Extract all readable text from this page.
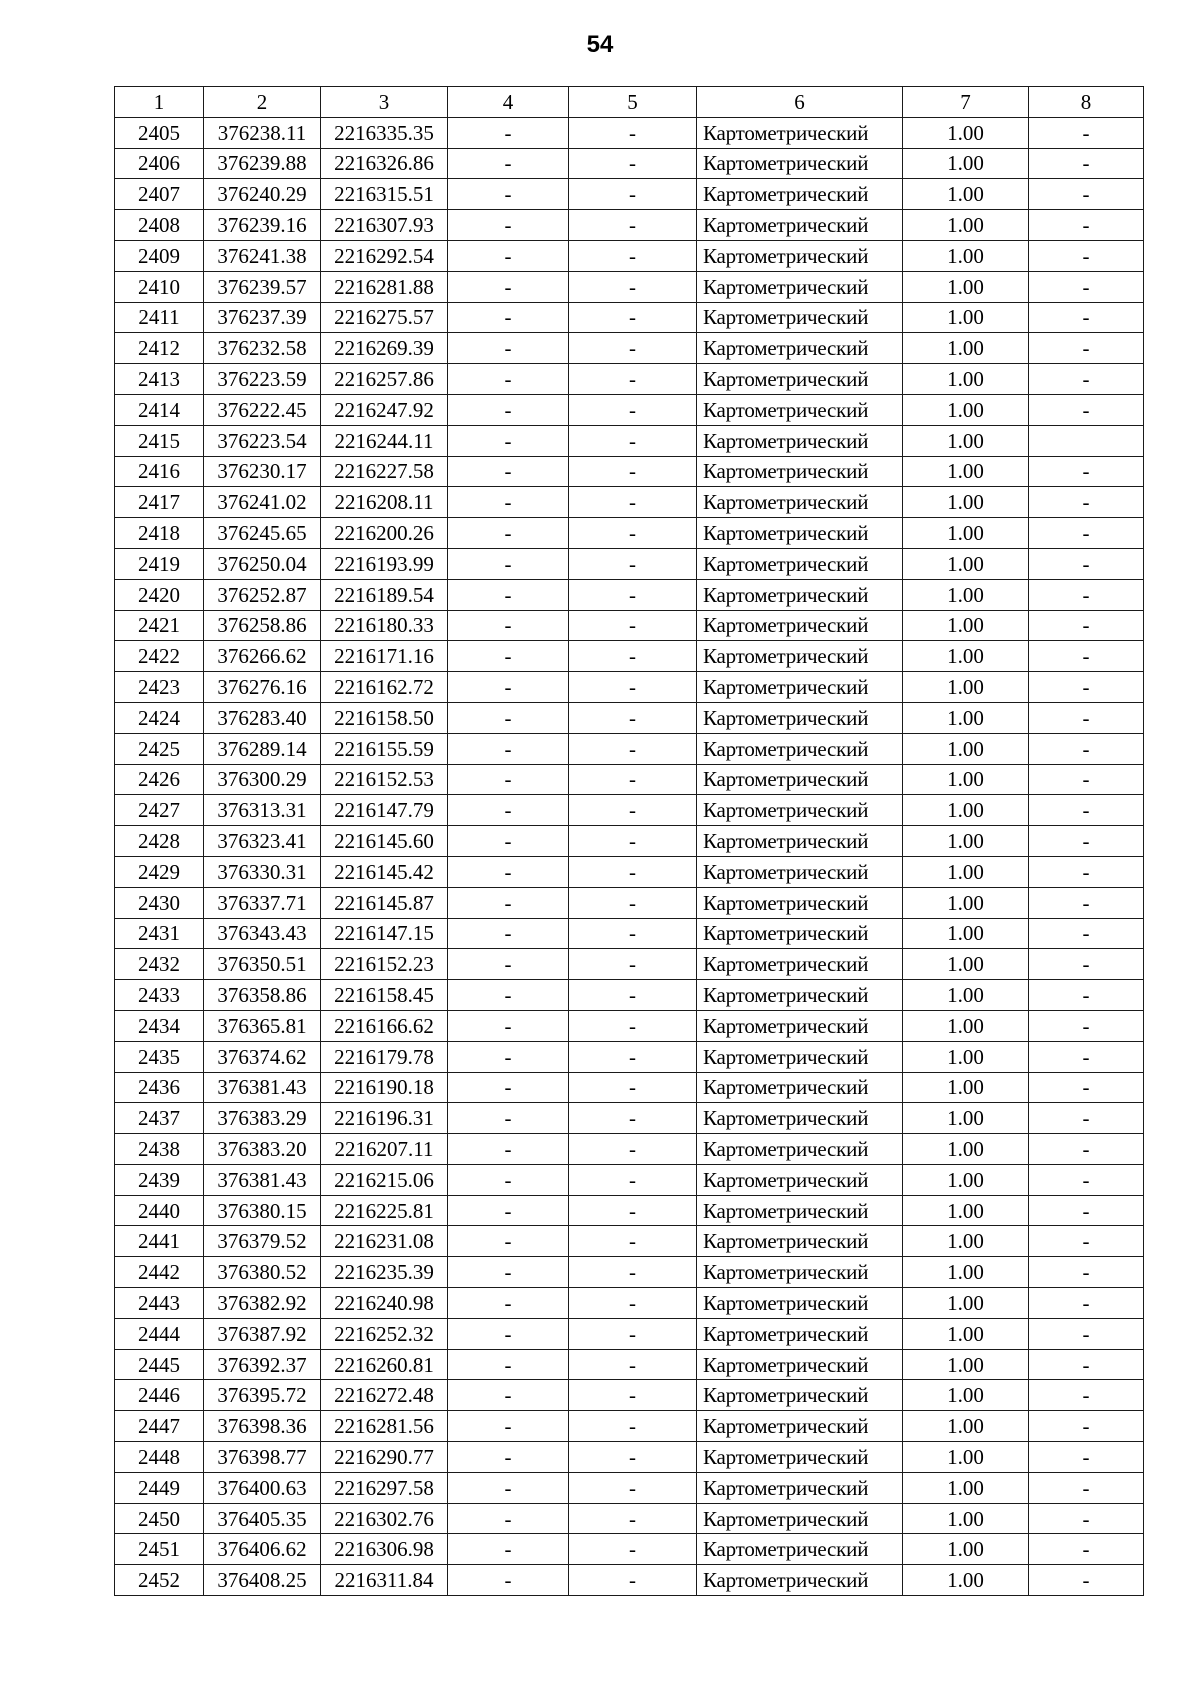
54
1	2	3	4	5	6	7	8
2405	376238.11	2216335.35	-	-	Картометрический	1.00	-
2406	376239.88	2216326.86	-	-	Картометрический	1.00	-
2407	376240.29	2216315.51	-	-	Картометрический	1.00	-
2408	376239.16	2216307.93	-	-	Картометрический	1.00	-
2409	376241.38	2216292.54	-	-	Картометрический	1.00	-
2410	376239.57	2216281.88	-	-	Картометрический	1.00	-
2411	376237.39	2216275.57	-	-	Картометрический	1.00	-
2412	376232.58	2216269.39	-	-	Картометрический	1.00	-
2413	376223.59	2216257.86	-	-	Картометрический	1.00	-
2414	376222.45	2216247.92	-	-	Картометрический	1.00	-
2415	376223.54	2216244.11	-	-	Картометрический	1.00	
2416	376230.17	2216227.58	-	-	Картометрический	1.00	-
2417	376241.02	2216208.11	-	-	Картометрический	1.00	-
2418	376245.65	2216200.26	-	-	Картометрический	1.00	-
2419	376250.04	2216193.99	-	-	Картометрический	1.00	-
2420	376252.87	2216189.54	-	-	Картометрический	1.00	-
2421	376258.86	2216180.33	-	-	Картометрический	1.00	-
2422	376266.62	2216171.16	-	-	Картометрический	1.00	-
2423	376276.16	2216162.72	-	-	Картометрический	1.00	-
2424	376283.40	2216158.50	-	-	Картометрический	1.00	-
2425	376289.14	2216155.59	-	-	Картометрический	1.00	-
2426	376300.29	2216152.53	-	-	Картометрический	1.00	-
2427	376313.31	2216147.79	-	-	Картометрический	1.00	-
2428	376323.41	2216145.60	-	-	Картометрический	1.00	-
2429	376330.31	2216145.42	-	-	Картометрический	1.00	-
2430	376337.71	2216145.87	-	-	Картометрический	1.00	-
2431	376343.43	2216147.15	-	-	Картометрический	1.00	-
2432	376350.51	2216152.23	-	-	Картометрический	1.00	-
2433	376358.86	2216158.45	-	-	Картометрический	1.00	-
2434	376365.81	2216166.62	-	-	Картометрический	1.00	-
2435	376374.62	2216179.78	-	-	Картометрический	1.00	-
2436	376381.43	2216190.18	-	-	Картометрический	1.00	-
2437	376383.29	2216196.31	-	-	Картометрический	1.00	-
2438	376383.20	2216207.11	-	-	Картометрический	1.00	-
2439	376381.43	2216215.06	-	-	Картометрический	1.00	-
2440	376380.15	2216225.81	-	-	Картометрический	1.00	-
2441	376379.52	2216231.08	-	-	Картометрический	1.00	-
2442	376380.52	2216235.39	-	-	Картометрический	1.00	-
2443	376382.92	2216240.98	-	-	Картометрический	1.00	-
2444	376387.92	2216252.32	-	-	Картометрический	1.00	-
2445	376392.37	2216260.81	-	-	Картометрический	1.00	-
2446	376395.72	2216272.48	-	-	Картометрический	1.00	-
2447	376398.36	2216281.56	-	-	Картометрический	1.00	-
2448	376398.77	2216290.77	-	-	Картометрический	1.00	-
2449	376400.63	2216297.58	-	-	Картометрический	1.00	-
2450	376405.35	2216302.76	-	-	Картометрический	1.00	-
2451	376406.62	2216306.98	-	-	Картометрический	1.00	-
2452	376408.25	2216311.84	-	-	Картометрический	1.00	-
